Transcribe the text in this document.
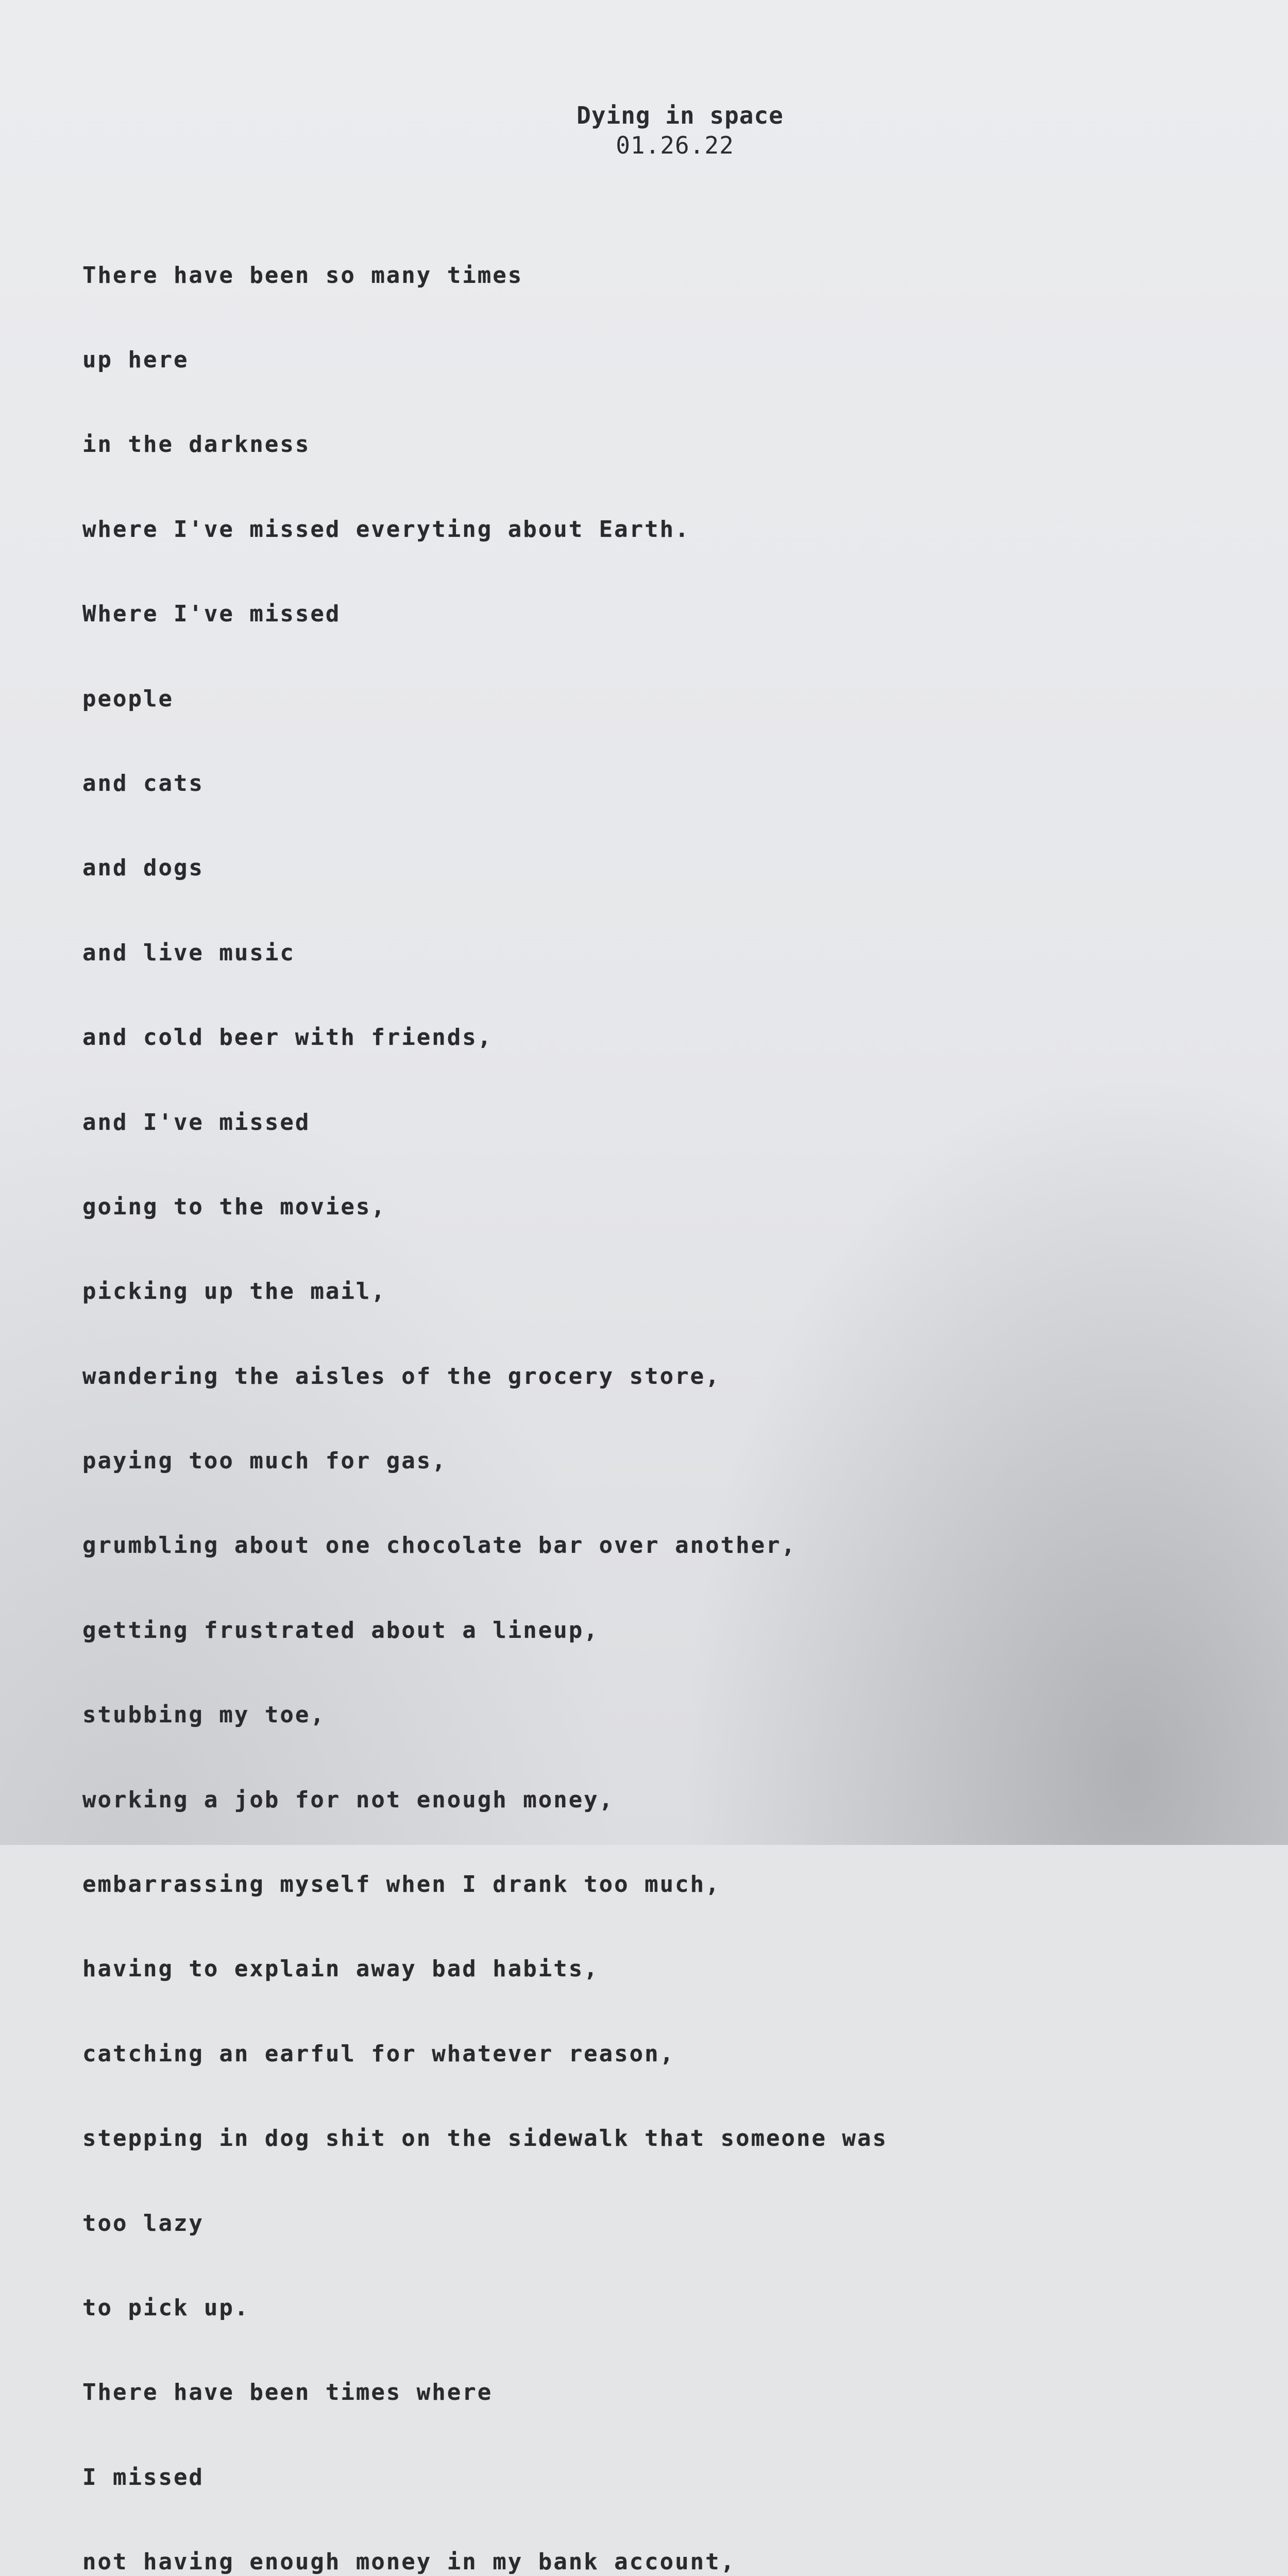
Dying in space
01.26.22

There have been so many times

up here

in the darkness

where I've missed everyting about Earth.

Where I've missed

people

and cats

and dogs

and live music

and cold beer with friends,

and I've missed

going to the movies,

picking up the mail,

wandering the aisles of the grocery store,

paying too much for gas,

grumbling about one chocolate bar over another,

getting frustrated about a lineup,

stubbing my toe,

working a job for not enough money,

embarrassing myself when I drank too much,

having to explain away bad habits,

catching an earful for whatever reason,

stepping in dog shit on the sidewalk that someone was

too lazy

to pick up.

There have been times where

I missed

not having enough money in my bank account,
